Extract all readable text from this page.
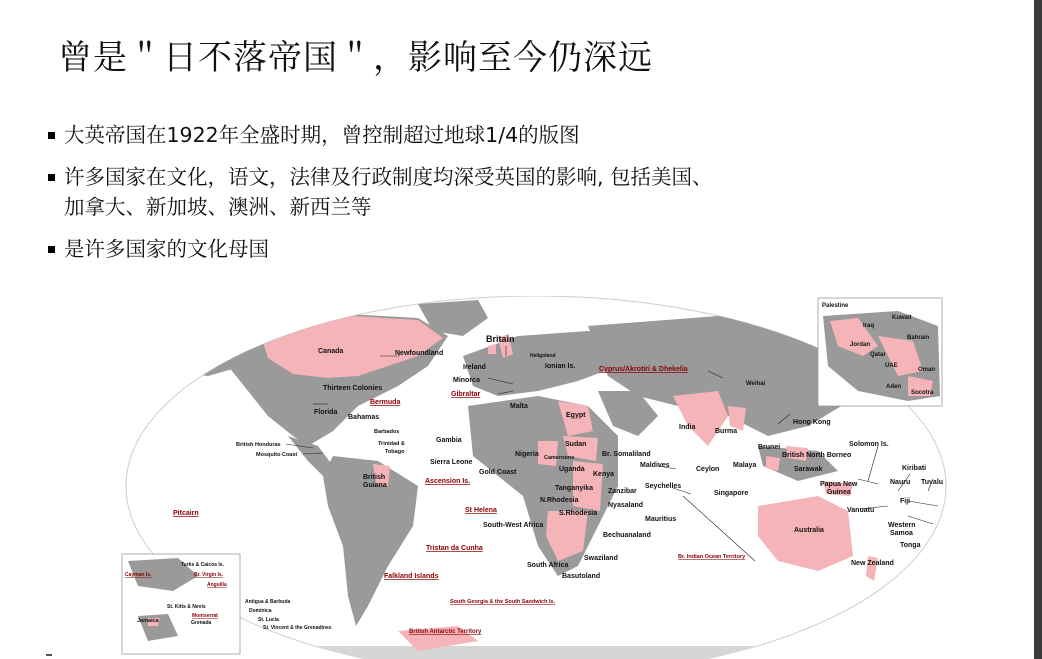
曾是＂日不落帝国＂，影响至今仍深远
大英帝国在1922年全盛时期，曾控制超过地球1/4的版图
许多国家在文化，语文，法律及行政制度均深受英国的影响, 包括美国、
加拿大、新加坡、澳洲、新西兰等
是许多国家的文化母国
Canada	Newfoundland
Britain
Heligoland
Ireland	Ionian Is.	Cyprus/Akrotiri & Dhekelia
Minorca
Gibraltar
Malta
Egypt
Thirteen Colonies
Bermuda
Florida
Bahamas
Barbados
Trinidad &
Tobago
British Honduras
Mosquito Coast
Gambia
Sierra Leone
Gold Coast
Nigeria Cameroons
Sudan
Br. Somaliland
Uganda
Kenya
Tanganyika Zanzibar
N.Rhodesia
Nyasaland
S.Rhodesia
South-West Africa
Bechuanaland
South Africa
Swaziland
Basutoland
British
Guiana
Ascension Is.
St Helena
Tristan da Cunha
Falkland Islands
South Georgia & the South Sandwich Is.
British Antarctic Territory
Pitcairn
India
Burma
Ceylon
Maldives
Seychelles
Mauritius
Br. Indian Ocean Territory
Weihai
Hong Kong
Brunei
British North Borneo
Sarawak
Malaya
Singapore
Papua New
Guinea
Solomon Is.
Kiribati
Nauru Tuvalu
Fiji
Vanuatu
Western
Samoa
Tonga
Australia
New Zealand
Palestine
Iraq
Kuwait
Jordan
Bahrain
Qatar
UAE
Oman
Aden
Socotra
Turks & Caicos Is.
Br. Virgin Is.
Cayman Is.
Anguilla
St. Kitts & Nevis
Antigua & Barbuda
Montserrat
Dominica
Jamaica	Grenada	St. Lucia
St. Vincent & the Grenadines
